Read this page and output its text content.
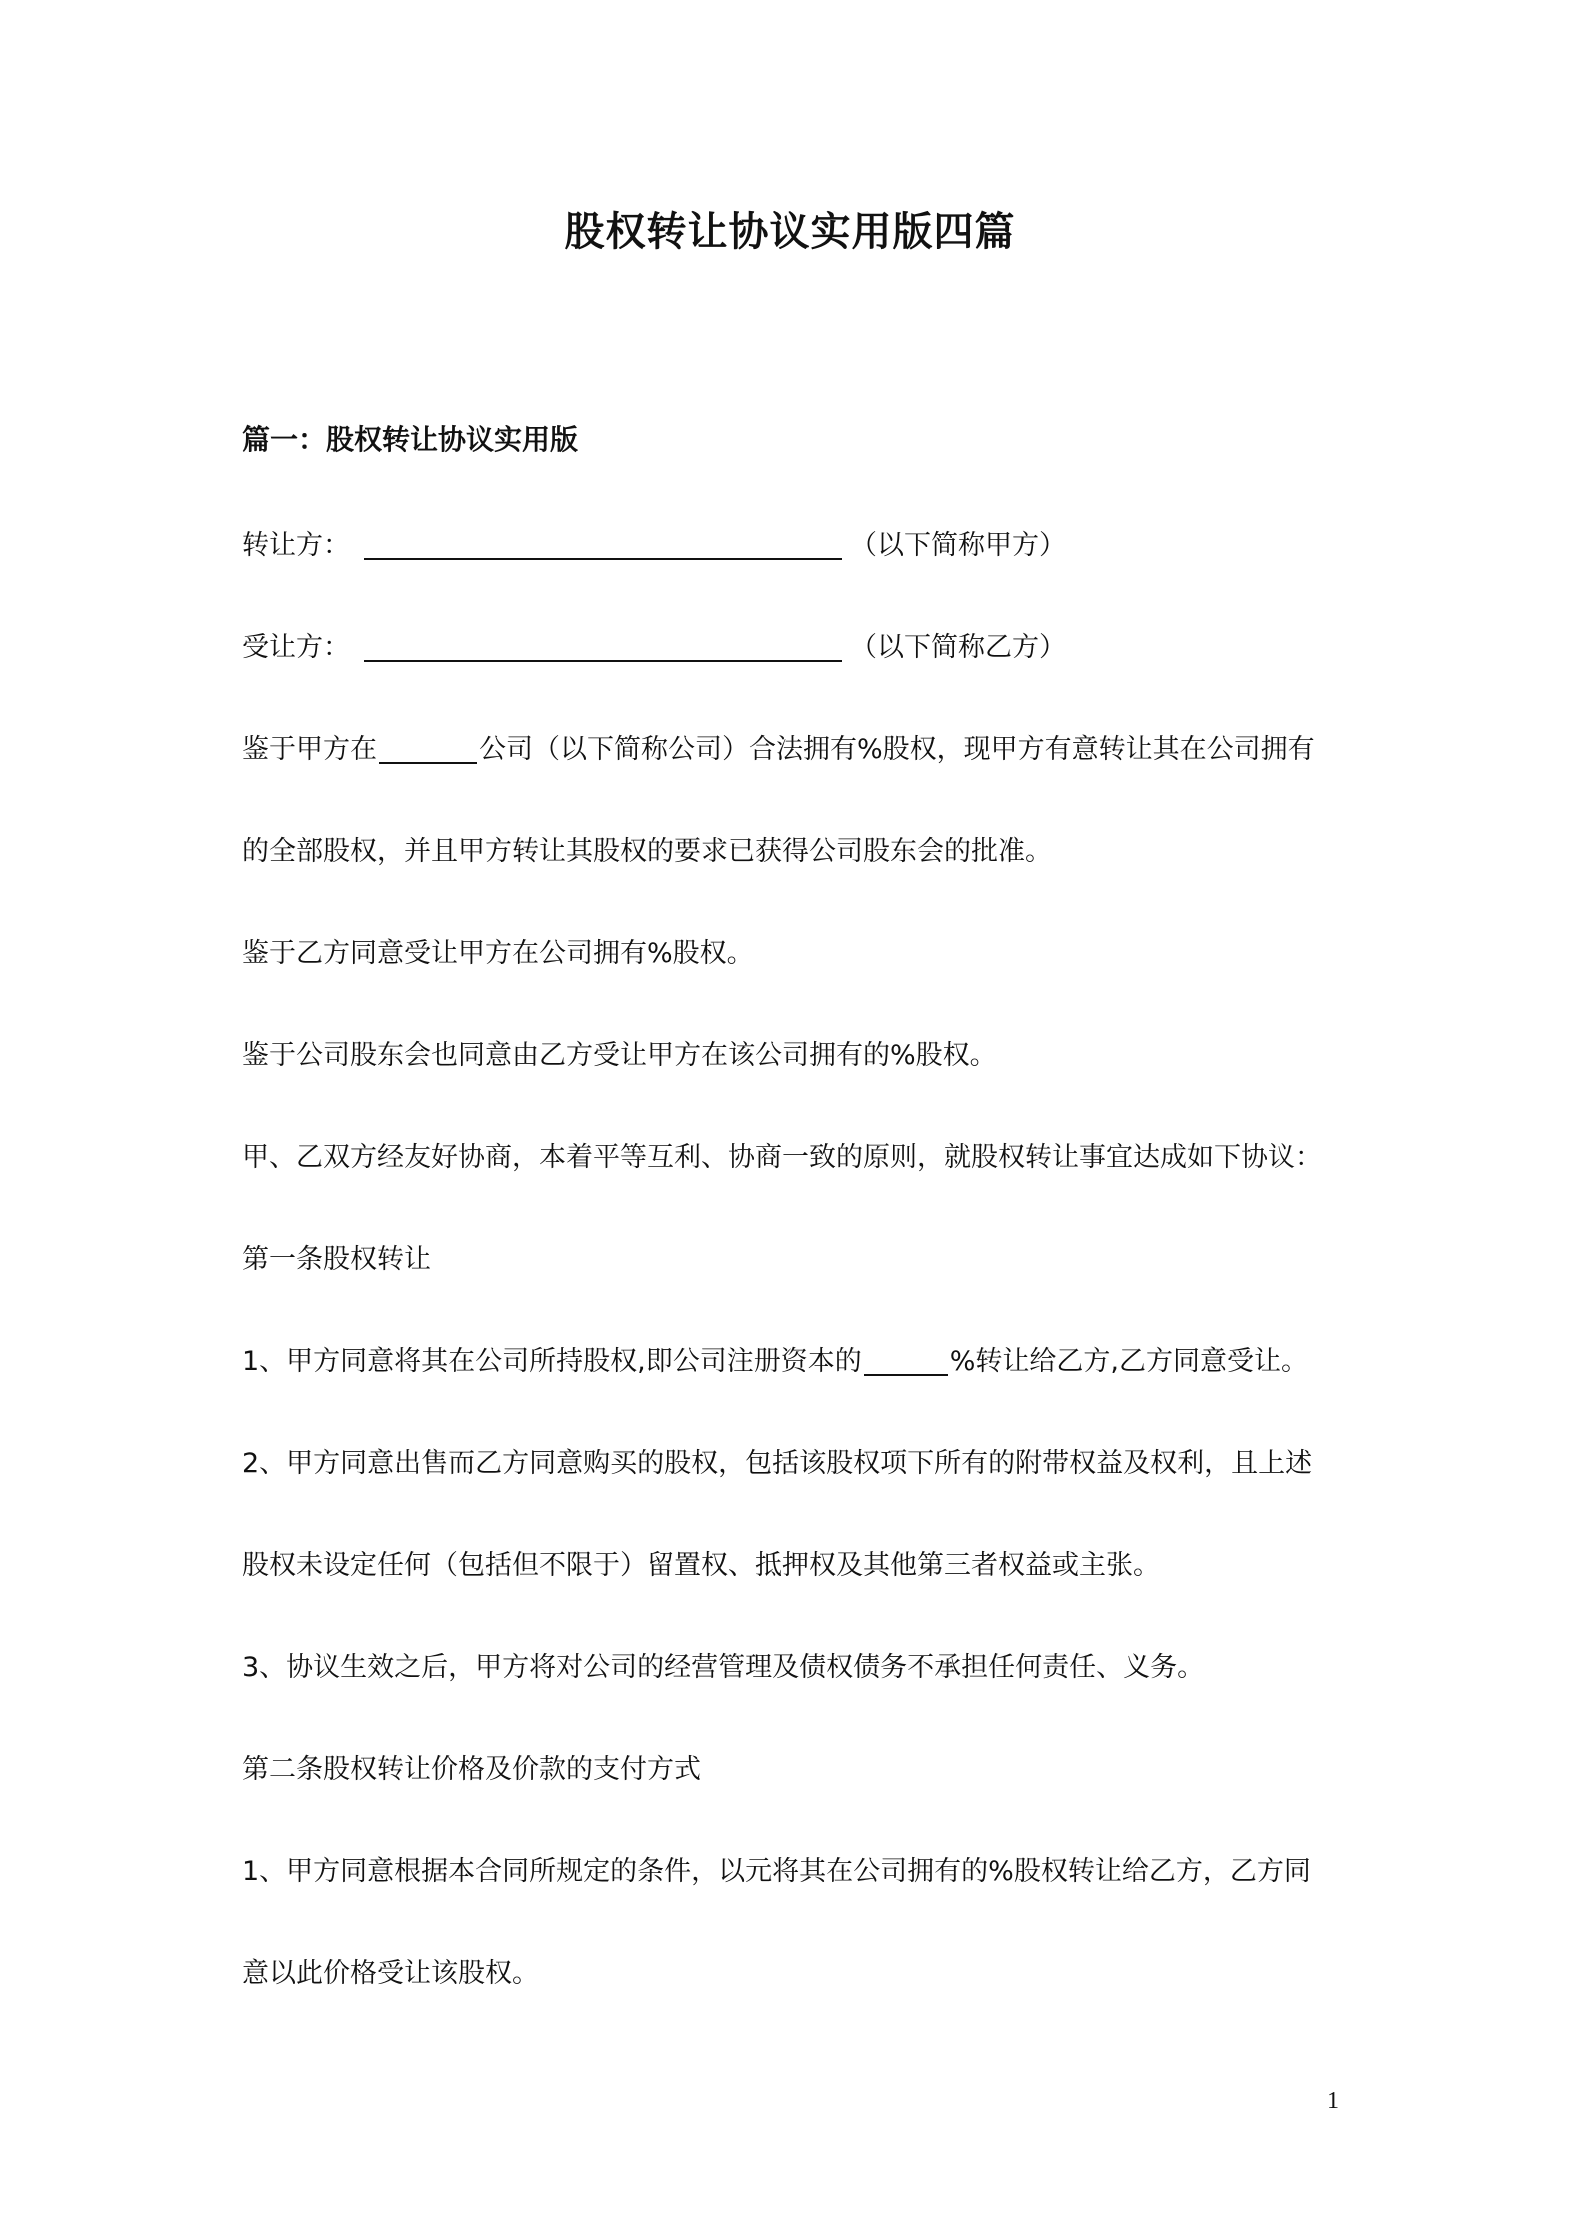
股权转让协议实用版四篇

篇一：股权转让协议实用版

转让方：	（以下简称甲方）

受让方：	（以下简称乙方）

鉴于甲方在	公司（以下简称公司）合法拥有%股权，现甲方有意转让其在公司拥有

的全部股权，并且甲方转让其股权的要求已获得公司股东会的批准。

鉴于乙方同意受让甲方在公司拥有%股权。

鉴于公司股东会也同意由乙方受让甲方在该公司拥有的%股权。

甲、乙双方经友好协商，本着平等互利、协商一致的原则，就股权转让事宜达成如下协议：

第一条股权转让

1、甲方同意将其在公司所持股权,即公司注册资本的	%转让给乙方,乙方同意受让。

2、甲方同意出售而乙方同意购买的股权，包括该股权项下所有的附带权益及权利，且上述

股权未设定任何（包括但不限于）留置权、抵押权及其他第三者权益或主张。

3、协议生效之后，甲方将对公司的经营管理及债权债务不承担任何责任、义务。

第二条股权转让价格及价款的支付方式

1、甲方同意根据本合同所规定的条件，以元将其在公司拥有的%股权转让给乙方，乙方同

意以此价格受让该股权。

1
